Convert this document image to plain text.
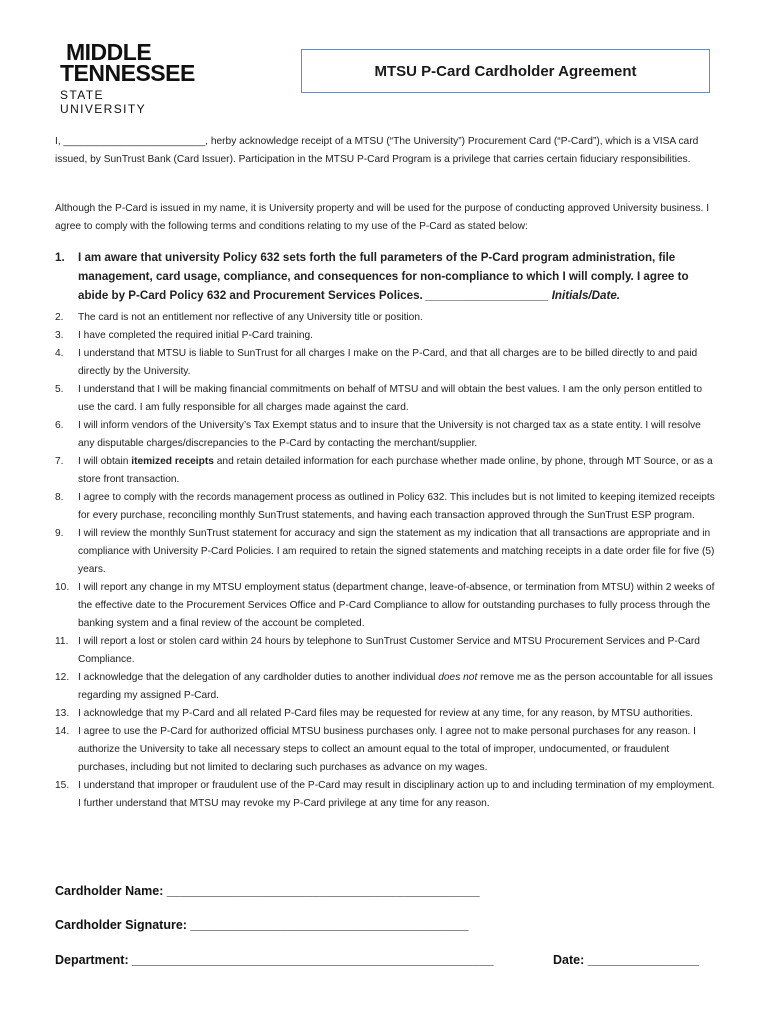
MIDDLE
TENNESSEE
STATE UNIVERSITY
MTSU P-Card Cardholder Agreement
I, _________________________, herby acknowledge receipt of a MTSU (“The University”) Procurement Card (“P-Card”), which is a VISA card issued, by SunTrust Bank (Card Issuer). Participation in the MTSU P-Card Program is a privilege that carries certain fiduciary responsibilities.
Although the P-Card is issued in my name, it is University property and will be used for the purpose of conducting approved University business. I agree to comply with the following terms and conditions relating to my use of the P-Card as stated below:
1. I am aware that university Policy 632 sets forth the full parameters of the P-Card program administration, file management, card usage, compliance, and consequences for non-compliance to which I will comply. I agree to abide by P-Card Policy 632 and Procurement Services Polices. ___________________ Initials/Date.
2. The card is not an entitlement nor reflective of any University title or position.
3. I have completed the required initial P-Card training.
4. I understand that MTSU is liable to SunTrust for all charges I make on the P-Card, and that all charges are to be billed directly to and paid directly by the University.
5. I understand that I will be making financial commitments on behalf of MTSU and will obtain the best values. I am the only person entitled to use the card. I am fully responsible for all charges made against the card.
6. I will inform vendors of the University’s Tax Exempt status and to insure that the University is not charged tax as a state entity. I will resolve any disputable charges/discrepancies to the P-Card by contacting the merchant/supplier.
7. I will obtain itemized receipts and retain detailed information for each purchase whether made online, by phone, through MT Source, or as a store front transaction.
8. I agree to comply with the records management process as outlined in Policy 632. This includes but is not limited to keeping itemized receipts for every purchase, reconciling monthly SunTrust statements, and having each transaction approved through the SunTrust ESP program.
9. I will review the monthly SunTrust statement for accuracy and sign the statement as my indication that all transactions are appropriate and in compliance with University P-Card Policies. I am required to retain the signed statements and matching receipts in a date order file for five (5) years.
10. I will report any change in my MTSU employment status (department change, leave-of-absence, or termination from MTSU) within 2 weeks of the effective date to the Procurement Services Office and P-Card Compliance to allow for outstanding purchases to fully process through the banking system and a final review of the account be completed.
11. I will report a lost or stolen card within 24 hours by telephone to SunTrust Customer Service and MTSU Procurement Services and P-Card Compliance.
12. I acknowledge that the delegation of any cardholder duties to another individual does not remove me as the person accountable for all issues regarding my assigned P-Card.
13. I acknowledge that my P-Card and all related P-Card files may be requested for review at any time, for any reason, by MTSU authorities.
14. I agree to use the P-Card for authorized official MTSU business purchases only. I agree not to make personal purchases for any reason. I authorize the University to take all necessary steps to collect an amount equal to the total of improper, undocumented, or fraudulent purchases, including but not limited to declaring such purchases as advance on my wages.
15. I understand that improper or fraudulent use of the P-Card may result in disciplinary action up to and including termination of my employment. I further understand that MTSU may revoke my P-Card privilege at any time for any reason.
Cardholder Name: _____________________________________________
Cardholder Signature: ________________________________________
Department: ____________________________________________________	Date: ________________
